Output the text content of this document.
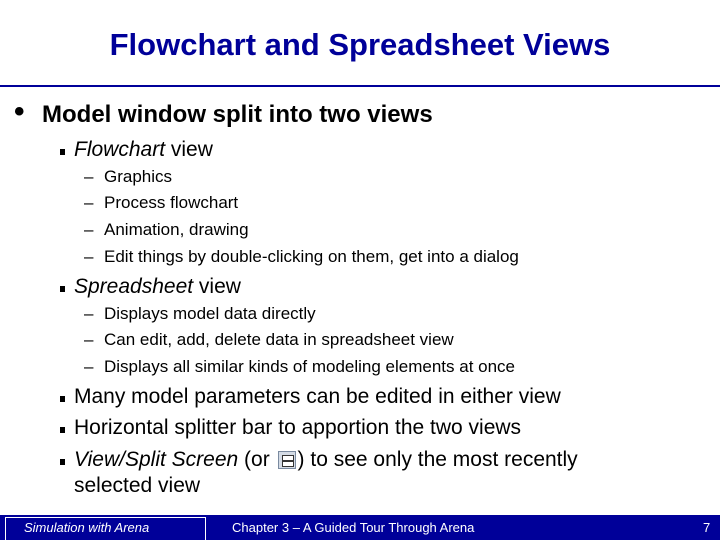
Flowchart and Spreadsheet Views
• Model window split into two views
Flowchart view
– Graphics
– Process flowchart
– Animation, drawing
– Edit things by double-clicking on them, get into a dialog
Spreadsheet view
– Displays model data directly
– Can edit, add, delete data in spreadsheet view
– Displays all similar kinds of modeling elements at once
Many model parameters can be edited in either view
Horizontal splitter bar to apportion the two views
View/Split Screen (or ) to see only the most recently
selected view
Simulation with Arena	Chapter 3 – A Guided Tour Through Arena	7
